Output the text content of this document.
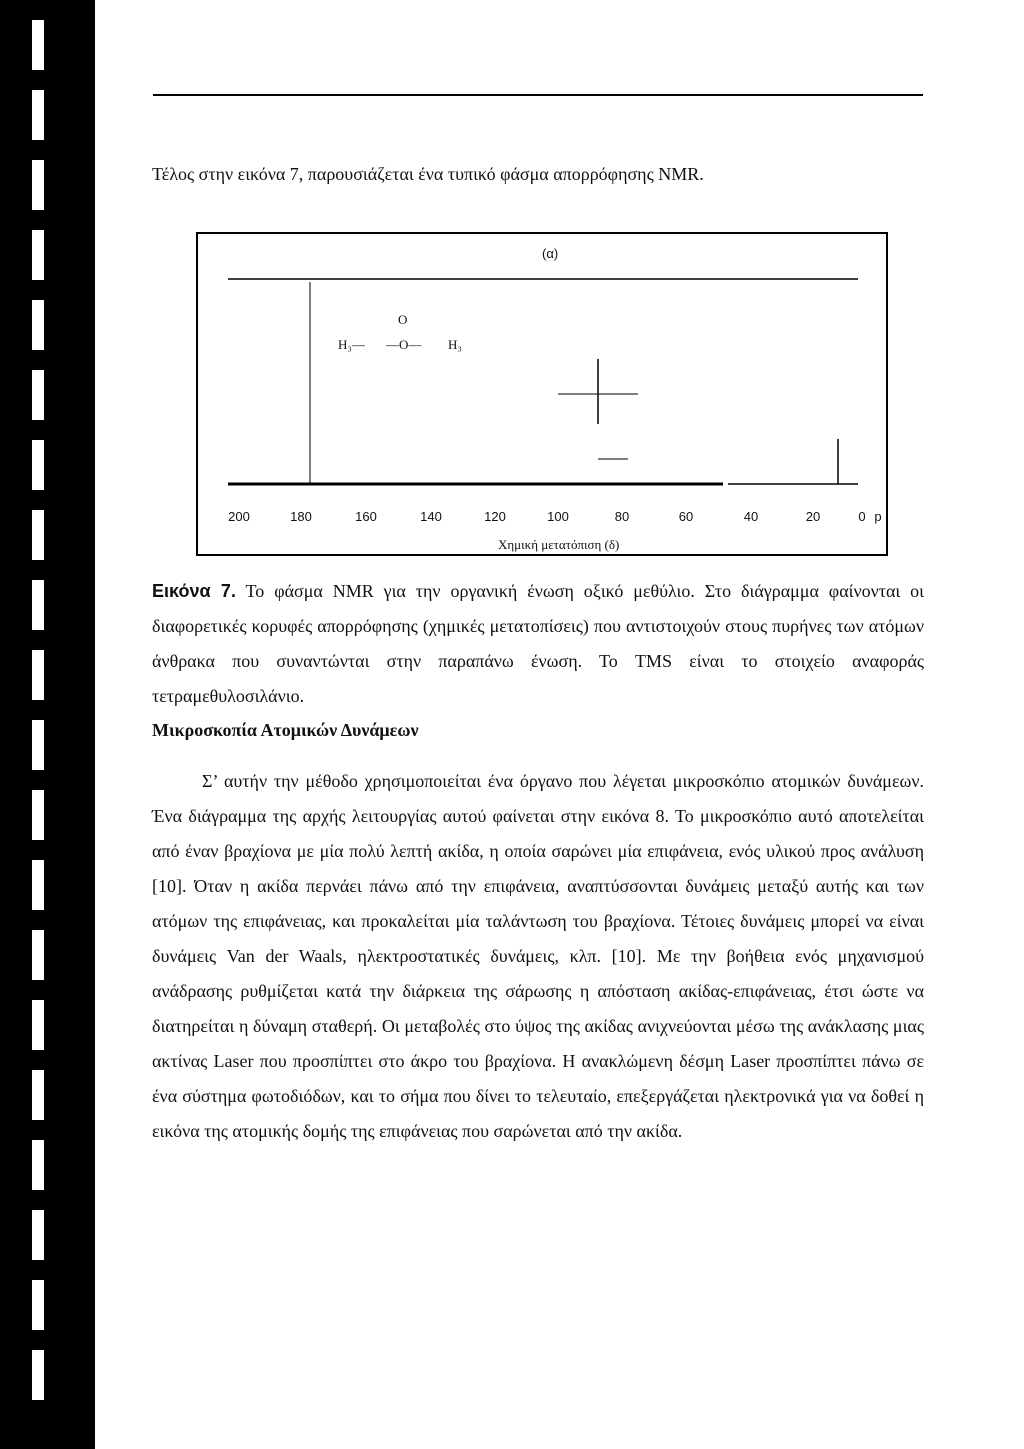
Τέλος στην εικόνα 7, παρουσιάζεται ένα τυπικό φάσμα απορρόφησης NMR.

(α)
O
H₃— —O— H₃
200	180	160	140	120	100	80	60	40	20	0 p
Χημική μετατόπιση (δ)

Εικόνα 7. Το φάσμα NMR για την οργανική ένωση οξικό μεθύλιο. Στο διάγραμμα φαίνονται οι διαφορετικές κορυφές απορρόφησης (χημικές μετατοπίσεις) που αντιστοιχούν στους πυρήνες των ατόμων άνθρακα που συναντώνται στην παραπάνω ένωση. Το TMS είναι το στοιχείο αναφοράς τετραμεθυλοσιλάνιο.

Μικροσκοπία Ατομικών Δυνάμεων

Σ’ αυτήν την μέθοδο χρησιμοποιείται ένα όργανο που λέγεται μικροσκόπιο ατομικών δυνάμεων. Ένα διάγραμμα της αρχής λειτουργίας αυτού φαίνεται στην εικόνα 8. Το μικροσκόπιο αυτό αποτελείται από έναν βραχίονα με μία πολύ λεπτή ακίδα, η οποία σαρώνει μία επιφάνεια, ενός υλικού προς ανάλυση [10]. Όταν η ακίδα περνάει πάνω από την επιφάνεια, αναπτύσσονται δυνάμεις μεταξύ αυτής και των ατόμων της επιφάνειας, και προκαλείται μία ταλάντωση του βραχίονα. Τέτοιες δυνάμεις μπορεί να είναι δυνάμεις Van der Waals, ηλεκτροστατικές δυνάμεις, κλπ. [10]. Με την βοήθεια ενός μηχανισμού ανάδρασης ρυθμίζεται κατά την διάρκεια της σάρωσης η απόσταση ακίδας-επιφάνειας, έτσι ώστε να διατηρείται η δύναμη σταθερή. Οι μεταβολές στο ύψος της ακίδας ανιχνεύονται μέσω της ανάκλασης μιας ακτίνας Laser που προσπίπτει στο άκρο του βραχίονα. Η ανακλώμενη δέσμη Laser προσπίπτει πάνω σε ένα σύστημα φωτοδιόδων, και το σήμα που δίνει το τελευταίο, επεξεργάζεται ηλεκτρονικά για να δοθεί η εικόνα της ατομικής δομής της επιφάνειας που σαρώνεται από την ακίδα.
